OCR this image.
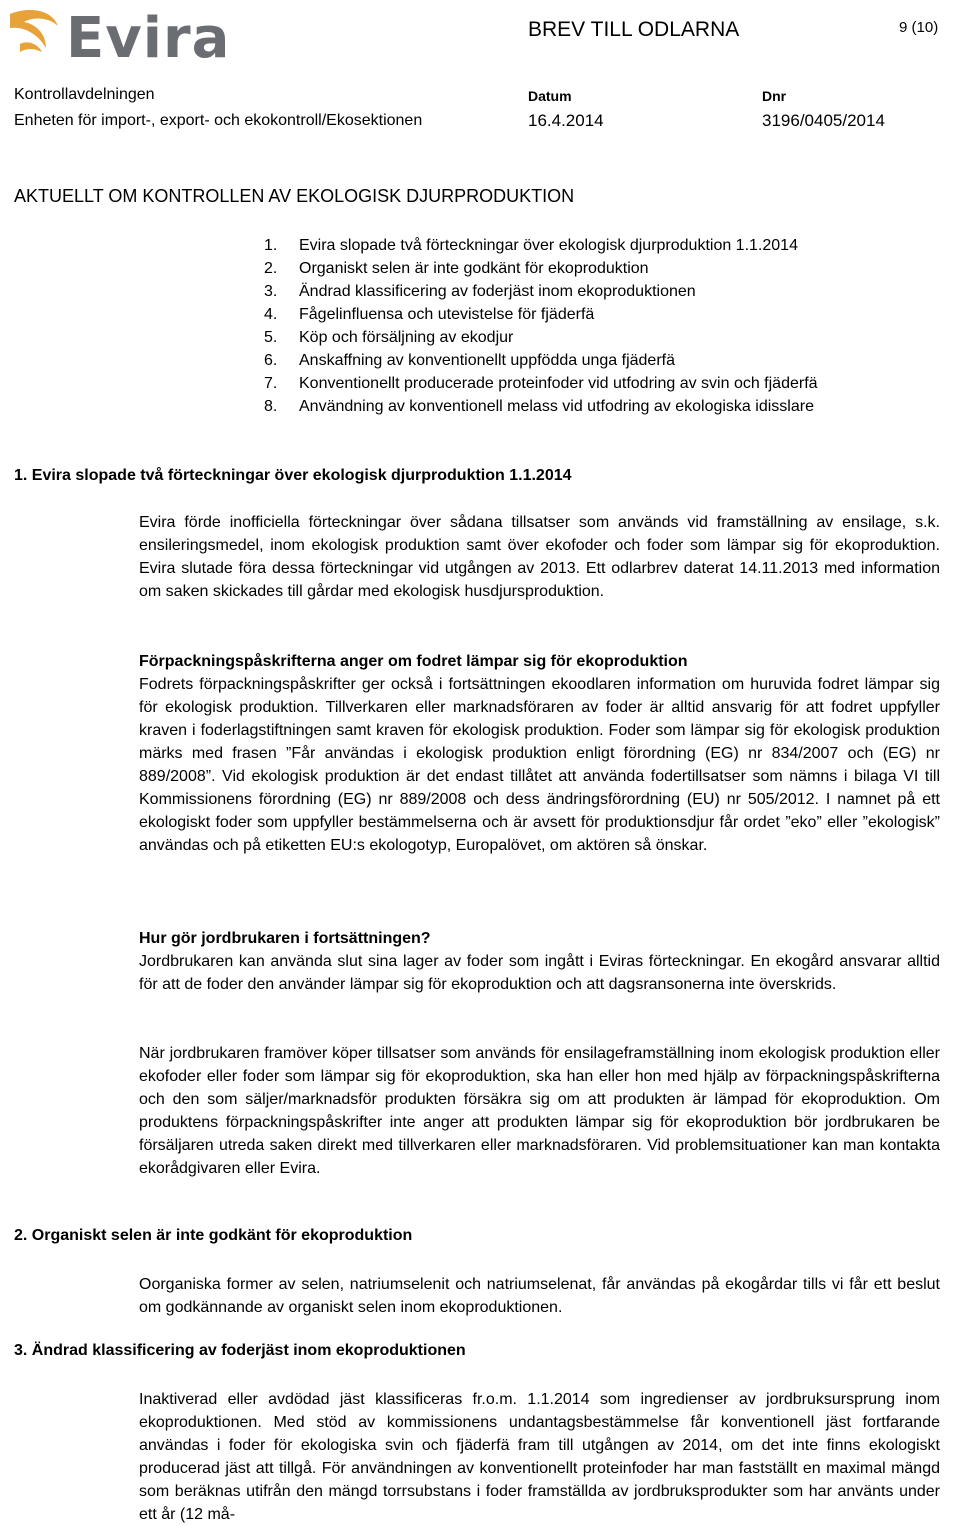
Evira	BREV TILL ODLARNA	9 (10)
Kontrollavdelningen
Enheten för import-, export- och ekokontroll/Ekosektionen
Datum	Dnr
16.4.2014	3196/0405/2014
AKTUELLT OM KONTROLLEN AV EKOLOGISK DJURPRODUKTION
1. Evira slopade två förteckningar över ekologisk djurproduktion 1.1.2014
2. Organiskt selen är inte godkänt för ekoproduktion
3. Ändrad klassificering av foderjäst inom ekoproduktionen
4. Fågelinfluensa och utevistelse för fjäderfä
5. Köp och försäljning av ekodjur
6. Anskaffning av konventionellt uppfödda unga fjäderfä
7. Konventionellt producerade proteinfoder vid utfodring av svin och fjäderfä
8. Användning av konventionell melass vid utfodring av ekologiska idisslare
1. Evira slopade två förteckningar över ekologisk djurproduktion 1.1.2014

Evira förde inofficiella förteckningar över sådana tillsatser som används vid framställning av ensilage, s.k. ensileringsmedel, inom ekologisk produktion samt över ekofoder och foder som lämpar sig för ekoproduktion. Evira slutade föra dessa förteckningar vid utgången av 2013. Ett odlarbrev daterat 14.11.2013 med information om saken skickades till gårdar med ekologisk husdjursproduktion.

Förpackningspåskrifterna anger om fodret lämpar sig för ekoproduktion
Fodrets förpackningspåskrifter ger också i fortsättningen ekoodlaren information om huruvida fodret lämpar sig för ekologisk produktion. Tillverkaren eller marknadsföraren av foder är alltid ansvarig för att fodret uppfyller kraven i foderlagstiftningen samt kraven för ekologisk produktion. Foder som lämpar sig för ekologisk produktion märks med frasen ”Får användas i ekologisk produktion enligt förordning (EG) nr 834/2007 och (EG) nr 889/2008”. Vid ekologisk produktion är det endast tillåtet att använda fodertillsatser som nämns i bilaga VI till Kommissionens förordning (EG) nr 889/2008 och dess ändringsförordning (EU) nr 505/2012. I namnet på ett ekologiskt foder som uppfyller bestämmelserna och är avsett för produktionsdjur får ordet ”eko” eller ”ekologisk” användas och på etiketten EU:s ekologotyp, Europalövet, om aktören så önskar.
Hur gör jordbrukaren i fortsättningen?
Jordbrukaren kan använda slut sina lager av foder som ingått i Eviras förteckningar. En ekogård ansvarar alltid för att de foder den använder lämpar sig för ekoproduktion och att dagsransonerna inte överskrids.

När jordbrukaren framöver köper tillsatser som används för ensilageframställning inom ekologisk produktion eller ekofoder eller foder som lämpar sig för ekoproduktion, ska han eller hon med hjälp av förpackningspåskrifterna och den som säljer/marknadsför produkten försäkra sig om att produkten är lämpad för ekoproduktion. Om produktens förpackningspåskrifter inte anger att produkten lämpar sig för ekoproduktion bör jordbrukaren be försäljaren utreda saken direkt med tillverkaren eller marknadsföraren. Vid problemsituationer kan man kontakta ekorådgivaren eller Evira.

2. Organiskt selen är inte godkänt för ekoproduktion

Oorganiska former av selen, natriumselenit och natriumselenat, får användas på ekogårdar tills vi får ett beslut om godkännande av organiskt selen inom ekoproduktionen.

3. Ändrad klassificering av foderjäst inom ekoproduktionen

Inaktiverad eller avdödad jäst klassificeras fr.o.m. 1.1.2014 som ingredienser av jordbruksursprung inom ekoproduktionen. Med stöd av kommissionens undantagsbestämmelse får konventionell jäst fortfarande användas i foder för ekologiska svin och fjäderfä fram till utgången av 2014, om det inte finns ekologiskt producerad jäst att tillgå. För användningen av konventionellt proteinfoder har man fastställt en maximal mängd som beräknas utifrån den mängd torrsubstans i foder framställda av jordbruksprodukter som har använts under ett år (12 må-
